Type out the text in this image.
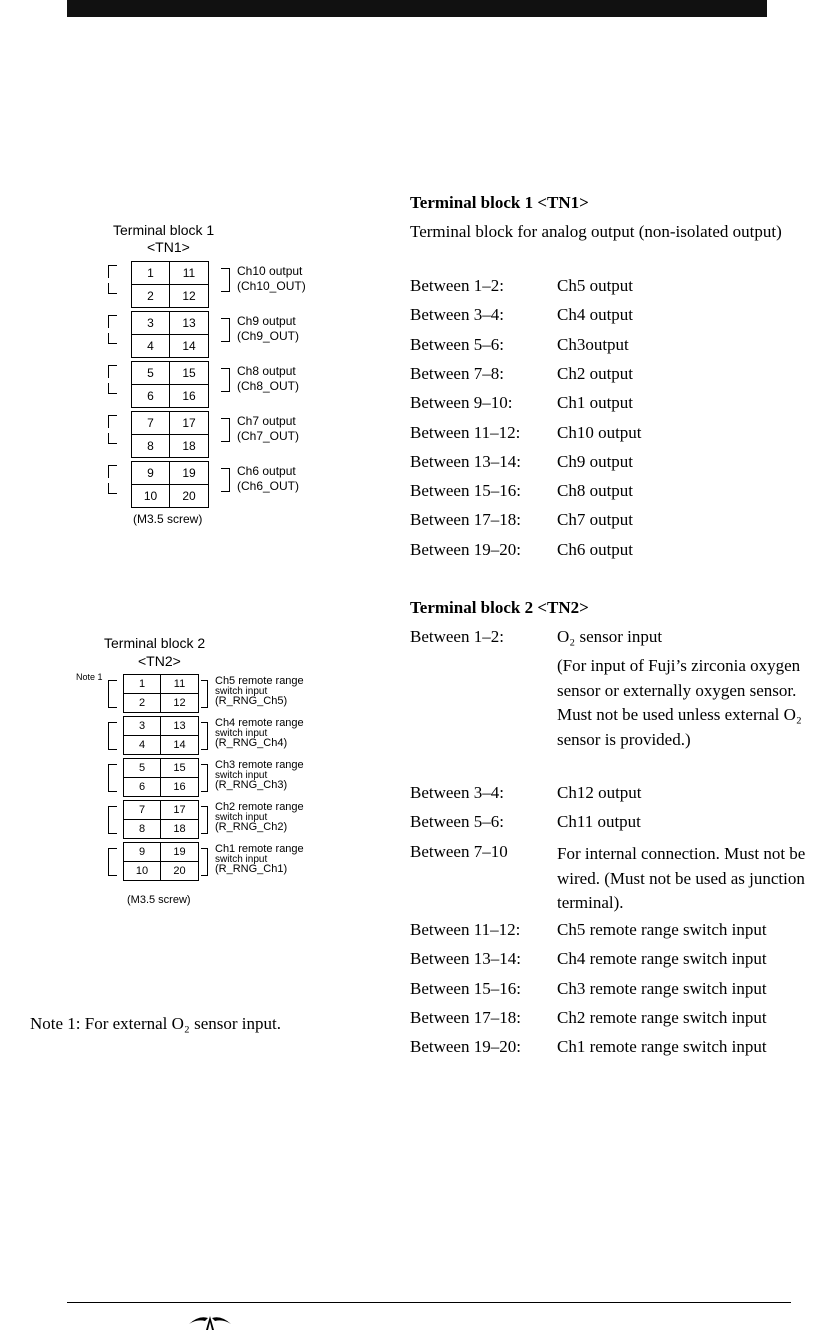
Terminal block 1
<TN1>
1	11
2	12
Ch10 output
(Ch10_OUT)
3	13
4	14
Ch9 output
(Ch9_OUT)
5	15
6	16
Ch8 output
(Ch8_OUT)
7	17
8	18
Ch7 output
(Ch7_OUT)
9	19
10	20
Ch6 output
(Ch6_OUT)
(M3.5 screw)
Terminal block 2
<TN2>
Note 1
1	11
2	12
Ch5 remote range
switch input
(R_RNG_Ch5)
3	13
4	14
Ch4 remote range
switch input
(R_RNG_Ch4)
5	15
6	16
Ch3 remote range
switch input
(R_RNG_Ch3)
7	17
8	18
Ch2 remote range
switch input
(R_RNG_Ch2)
9	19
10	20
Ch1 remote range
switch input
(R_RNG_Ch1)
(M3.5 screw)
Note 1: For external O₂ sensor input.
Terminal block 1 <TN1>
Terminal block for analog output (non-isolated output)
Between 1–2:	Ch5 output
Between 3–4:	Ch4 output
Between 5–6:	Ch3output
Between 7–8:	Ch2 output
Between 9–10:	Ch1 output
Between 11–12: Ch10 output
Between 13–14: Ch9 output
Between 15–16: Ch8 output
Between 17–18: Ch7 output
Between 19–20: Ch6 output
Terminal block 2 <TN2>
Between 1–2:	O₂ sensor input
(For input of Fuji’s zirconia oxygen sensor or externally oxygen sensor. Must not be used unless external O₂ sensor is provided.)
Between 3–4:	Ch12 output
Between 5–6:	Ch11 output
Between 7–10	For internal connection. Must not be wired. (Must not be used as junction terminal).
Between 11–12: Ch5 remote range switch input
Between 13–14: Ch4 remote range switch input
Between 15–16: Ch3 remote range switch input
Between 17–18: Ch2 remote range switch input
Between 19–20: Ch1 remote range switch input
